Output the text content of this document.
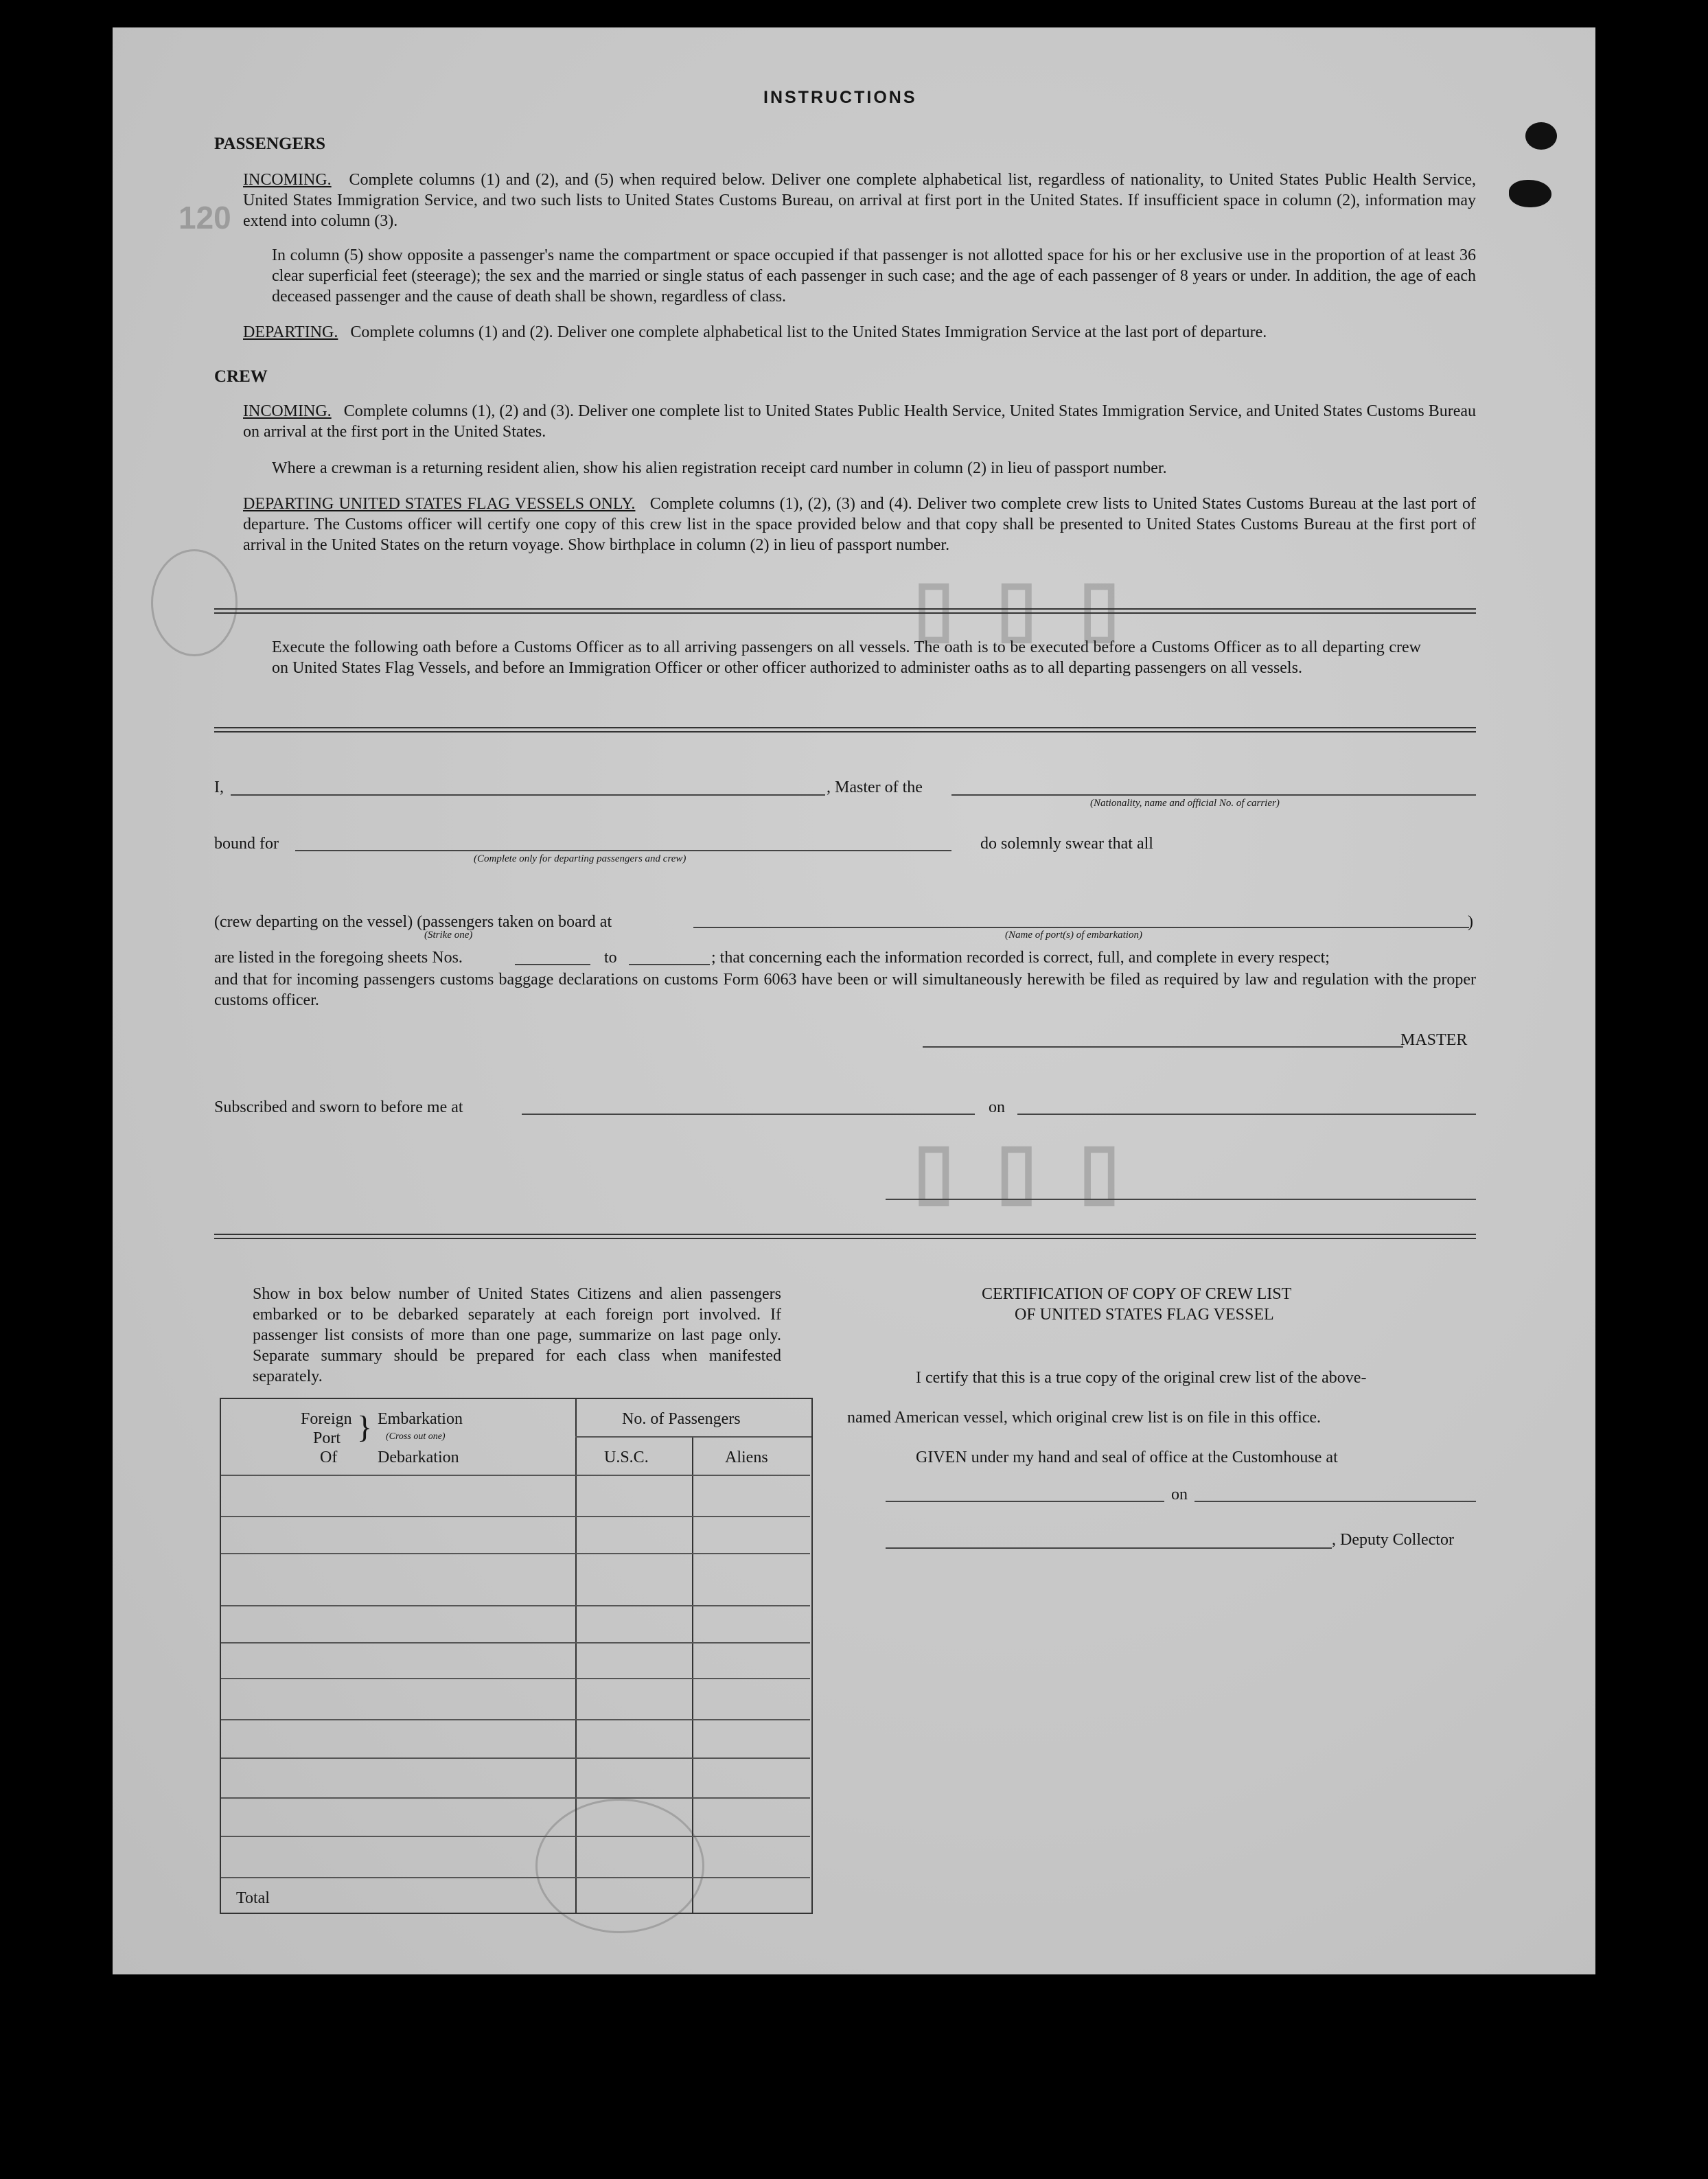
120
▯▯▯
▯▯▯
INSTRUCTIONS
PASSENGERS
INCOMING. Complete columns (1) and (2), and (5) when required below. Deliver one complete alphabetical list, regardless of nationality, to United States Public Health Service, United States Immigration Service, and two such lists to United States Customs Bureau, on arrival at first port in the United States. If insufficient space in column (2), information may extend into column (3).
In column (5) show opposite a passenger's name the compartment or space occupied if that passenger is not allotted space for his or her exclusive use in the proportion of at least 36 clear superficial feet (steerage); the sex and the married or single status of each passenger in such case; and the age of each passenger of 8 years or under. In addition, the age of each deceased passenger and the cause of death shall be shown, regardless of class.
DEPARTING. Complete columns (1) and (2). Deliver one complete alphabetical list to the United States Immigration Service at the last port of departure.
CREW
INCOMING. Complete columns (1), (2) and (3). Deliver one complete list to United States Public Health Service, United States Immigration Service, and United States Customs Bureau on arrival at the first port in the United States.
Where a crewman is a returning resident alien, show his alien registration receipt card number in column (2) in lieu of passport number.
DEPARTING UNITED STATES FLAG VESSELS ONLY. Complete columns (1), (2), (3) and (4). Deliver two complete crew lists to United States Customs Bureau at the last port of departure. The Customs officer will certify one copy of this crew list in the space provided below and that copy shall be presented to United States Customs Bureau at the first port of arrival in the United States on the return voyage. Show birthplace in column (2) in lieu of passport number.
Execute the following oath before a Customs Officer as to all arriving passengers on all vessels. The oath is to be executed before a Customs Officer as to all departing crew on United States Flag Vessels, and before an Immigration Officer or other officer authorized to administer oaths as to all departing passengers on all vessels.
I,	, Master of the
(Nationality, name and official No. of carrier)
bound for
(Complete only for departing passengers and crew)
do solemnly swear that all
(crew departing on the vessel) (passengers taken on board at	)
(Strike one)	(Name of port(s) of embarkation)
are listed in the foregoing sheets Nos.	to	; that concerning each the information recorded is correct, full, and complete in every respect;
and that for incoming passengers customs baggage declarations on customs Form 6063 have been or will simultaneously herewith be filed as required by law and regulation with the proper customs officer.
MASTER
Subscribed and sworn to before me at	on
Show in box below number of United States Citizens and alien passengers embarked or to be debarked separately at each foreign port involved. If passenger list consists of more than one page, summarize on last page only. Separate summary should be prepared for each class when manifested separately.
Foreign
Port
Of
} Embarkation
(Cross out one)
Debarkation
No. of Passengers
U.S.C.	Aliens
Total
CERTIFICATION OF COPY OF CREW LIST
OF UNITED STATES FLAG VESSEL
I certify that this is a true copy of the original crew list of the above-
named American vessel, which original crew list is on file in this office.
GIVEN under my hand and seal of office at the Customhouse at
on
, Deputy Collector
